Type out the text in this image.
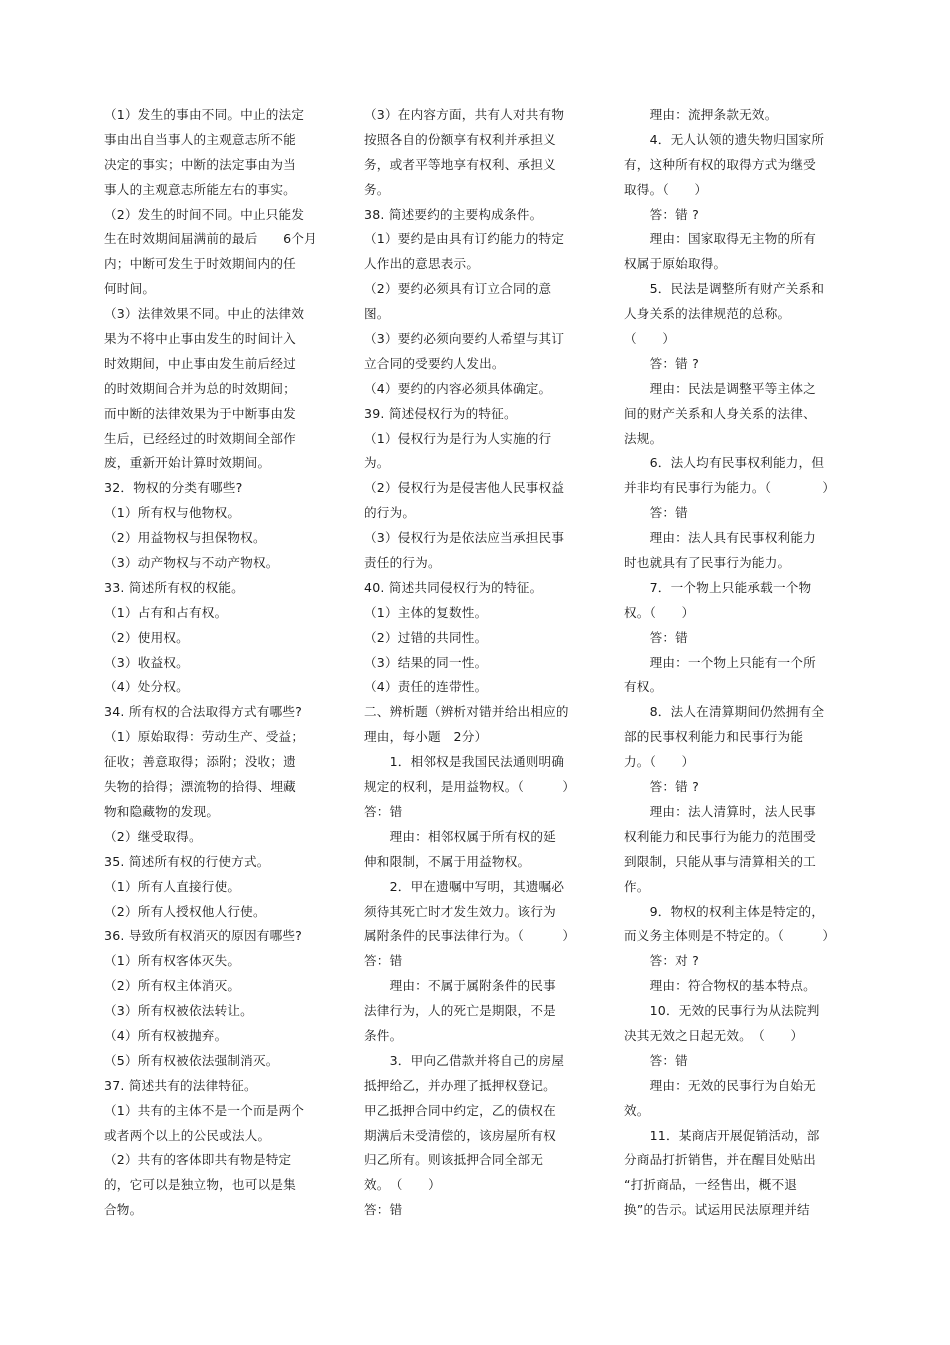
（1）发生的事由不同。中止的法定
事由出自当事人的主观意志所不能
决定的事实；中断的法定事由为当
事人的主观意志所能左右的事实。
（2）发生的时间不同。中止只能发
生在时效期间届满前的最后　　6个月
内；中断可发生于时效期间内的任
何时间。
（3）法律效果不同。中止的法律效
果为不将中止事由发生的时间计入
时效期间，中止事由发生前后经过
的时效期间合并为总的时效期间；
而中断的法律效果为于中断事由发
生后，已经经过的时效期间全部作
废，重新开始计算时效期间。
32．物权的分类有哪些?
（1）所有权与他物权。
（2）用益物权与担保物权。
（3）动产物权与不动产物权。
33. 简述所有权的权能。
（1）占有和占有权。
（2）使用权。
（3）收益权。
（4）处分权。
34. 所有权的合法取得方式有哪些?
（1）原始取得：劳动生产、受益；
征收；善意取得；添附；没收；遗
失物的拾得；漂流物的拾得、埋藏
物和隐藏物的发现。
（2）继受取得。
35. 简述所有权的行使方式。
（1）所有人直接行使。
（2）所有人授权他人行使。
36. 导致所有权消灭的原因有哪些?
（1）所有权客体灭失。
（2）所有权主体消灭。
（3）所有权被依法转让。
（4）所有权被抛弃。
（5）所有权被依法强制消灭。
37. 简述共有的法律特征。
（1）共有的主体不是一个而是两个
或者两个以上的公民或法人。
（2）共有的客体即共有物是特定
的，它可以是独立物，也可以是集
合物。
（3）在内容方面，共有人对共有物
按照各自的份额享有权利并承担义
务，或者平等地享有权利、承担义
务。
38. 简述要约的主要构成条件。
（1）要约是由具有订约能力的特定
人作出的意思表示。
（2）要约必须具有订立合同的意
图。
（3）要约必须向要约人希望与其订
立合同的受要约人发出。
（4）要约的内容必须具体确定。
39. 简述侵权行为的特征。
（1）侵权行为是行为人实施的行
为。
（2）侵权行为是侵害他人民事权益
的行为。
（3）侵权行为是依法应当承担民事
责任的行为。
40. 简述共同侵权行为的特征。
（1）主体的复数性。
（2）过错的共同性。
（3）结果的同一性。
（4）责任的连带性。
二、辨析题（辨析对错并给出相应的
理由，每小题　2分）
　　1．相邻权是我国民法通则明确
规定的权利，是用益物权。（　　　）
答：错
　　理由：相邻权属于所有权的延
伸和限制，不属于用益物权。
　　2．甲在遗嘱中写明，其遗嘱必
须待其死亡时才发生效力。该行为
属附条件的民事法律行为。（　　　）
答：错
　　理由：不属于属附条件的民事
法律行为，人的死亡是期限，不是
条件。
　　3．甲向乙借款并将自己的房屋
抵押给乙，并办理了抵押权登记。
甲乙抵押合同中约定，乙的债权在
期满后未受清偿的，该房屋所有权
归乙所有。则该抵押合同全部无
效。　（　　）
答：错
　　理由：流押条款无效。
　　4．无人认领的遗失物归国家所
有，这种所有权的取得方式为继受
取得。（　　）
　　答：错 ?
　　理由：国家取得无主物的所有
权属于原始取得。
　　5．民法是调整所有财产关系和
人身关系的法律规范的总称。
（　　）
　　答：错 ?
　　理由：民法是调整平等主体之
间的财产关系和人身关系的法律、
法规。
　　6．法人均有民事权利能力，但
并非均有民事行为能力。（　　　　）
　　答：错
　　理由：法人具有民事权利能力
时也就具有了民事行为能力。
　　7．一个物上只能承载一个物
权。（　　）
　　答：错
　　理由：一个物上只能有一个所
有权。
　　8．法人在清算期间仍然拥有全
部的民事权利能力和民事行为能
力。（　　）
　　答：错 ?
　　理由：法人清算时，法人民事
权利能力和民事行为能力的范围受
到限制，只能从事与清算相关的工
作。
　　9．物权的权利主体是特定的，
而义务主体则是不特定的。（　　　）
　　答：对 ?
　　理由：符合物权的基本特点。
　　10．无效的民事行为从法院判
决其无效之日起无效。　（　　）
　　答：错
　　理由：无效的民事行为自始无
效。
　　11．某商店开展促销活动，部
分商品打折销售，并在醒目处贴出
“打折商品，一经售出，概不退
换”的告示。试运用民法原理并结
